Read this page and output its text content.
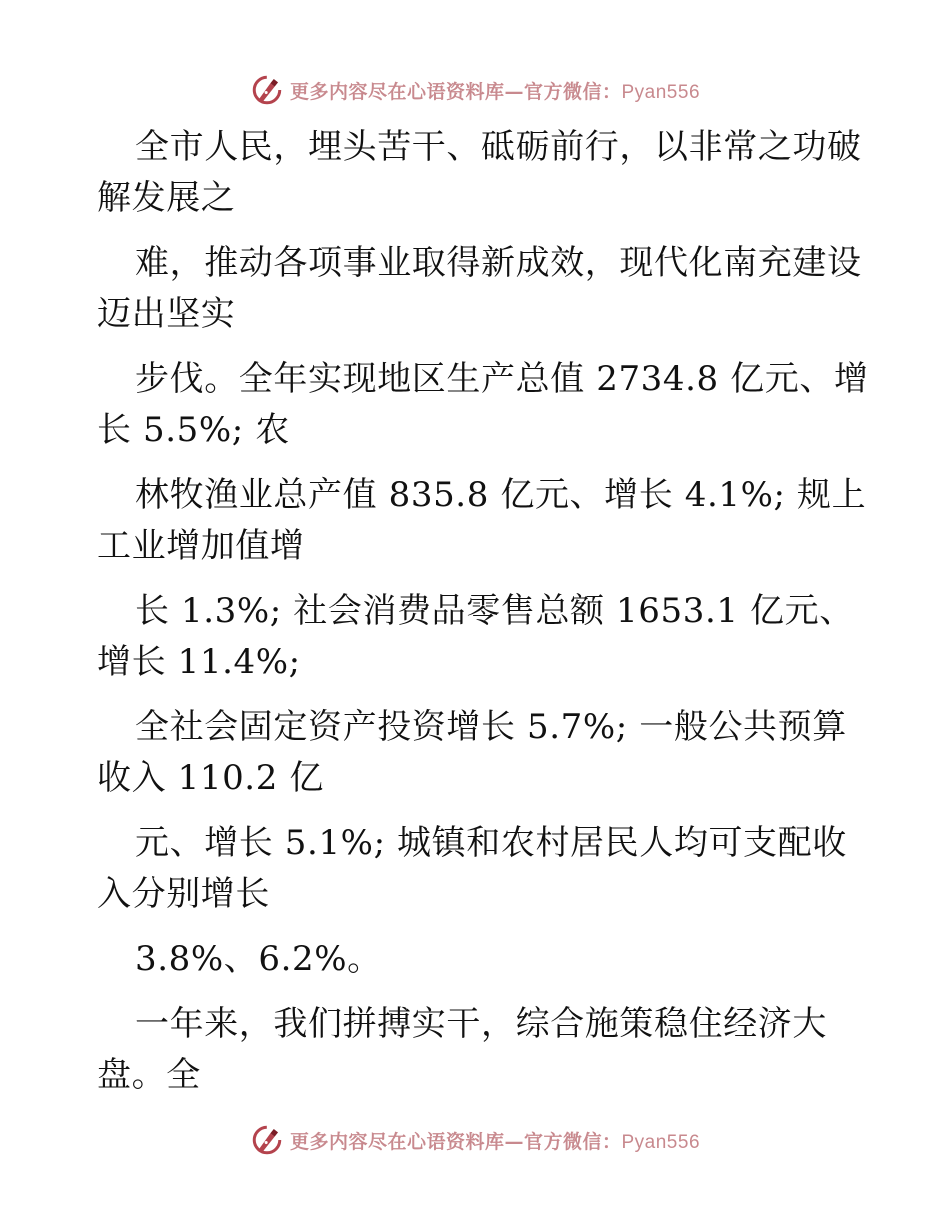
更多内容尽在心语资料库—官方微信：Pyan556
全市人民，埋头苦干、砥砺前行，以非常之功破
解发展之
难，推动各项事业取得新成效，现代化南充建设
迈出坚实
步伐。全年实现地区生产总值 2734.8 亿元、增
长 5.5%; 农
林牧渔业总产值 835.8 亿元、增长 4.1%; 规上
工业增加值增
长 1.3%; 社会消费品零售总额 1653.1 亿元、
增长 11.4%;
全社会固定资产投资增长 5.7%; 一般公共预算
收入 110.2 亿
元、增长 5.1%; 城镇和农村居民人均可支配收
入分别增长
3.8%、6.2%。
一年来，我们拼搏实干，综合施策稳住经济大
盘。全
更多内容尽在心语资料库—官方微信：Pyan556
